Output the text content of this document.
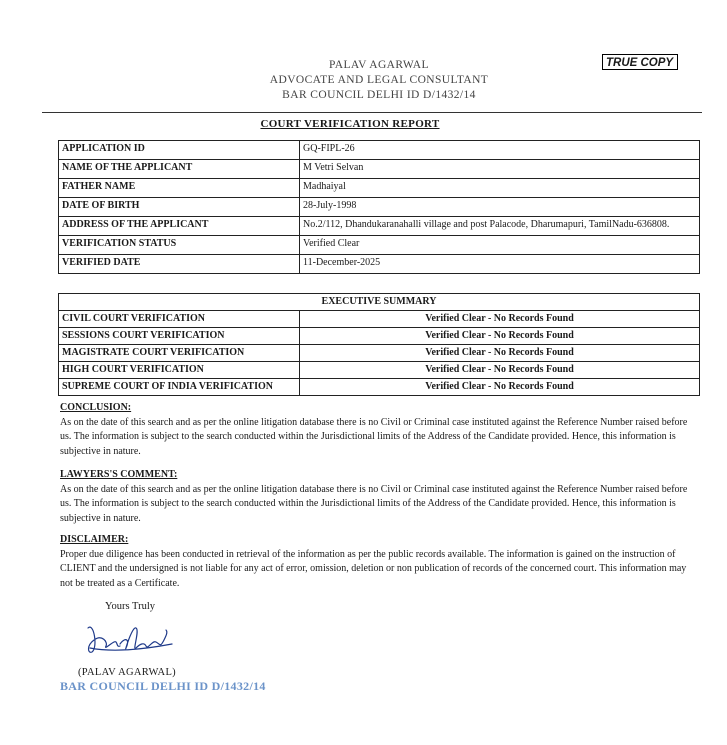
PALAV AGARWAL
ADVOCATE AND LEGAL CONSULTANT
BAR COUNCIL DELHI ID D/1432/14
TRUE COPY
COURT VERIFICATION REPORT
APPLICATION ID	GQ-FIPL-26
NAME OF THE APPLICANT	M Vetri Selvan
FATHER NAME	Madhaiyal
DATE OF BIRTH	28-July-1998
ADDRESS OF THE APPLICANT	No.2/112, Dhandukaranahalli village and post Palacode, Dharumapuri, TamilNadu-636808.
VERIFICATION STATUS	Verified Clear
VERIFIED DATE	11-December-2025
EXECUTIVE SUMMARY	
CIVIL COURT VERIFICATION	Verified Clear - No Records Found
SESSIONS COURT VERIFICATION	Verified Clear - No Records Found
MAGISTRATE COURT VERIFICATION	Verified Clear - No Records Found
HIGH COURT VERIFICATION	Verified Clear - No Records Found
SUPREME COURT OF INDIA VERIFICATION	Verified Clear - No Records Found
CONCLUSION:
As on the date of this search and as per the online litigation database there is no Civil or Criminal case instituted against the Reference Number raised before us. The information is subject to the search conducted within the Jurisdictional limits of the Address of the Candidate provided. Hence, this information is subjective in nature.
LAWYERS'S COMMENT:
As on the date of this search and as per the online litigation database there is no Civil or Criminal case instituted against the Reference Number raised before us. The information is subject to the search conducted within the Jurisdictional limits of the Address of the Candidate provided. Hence, this information is subjective in nature.
DISCLAIMER:
Proper due diligence has been conducted in retrieval of the information as per the public records available. The information is gained on the instruction of CLIENT and the undersigned is not liable for any act of error, omission, deletion or non publication of records of the concerned court. This information may not be treated as a Certificate.
Yours Truly
(PALAV AGARWAL)
BAR COUNCIL DELHI ID D/1432/14
